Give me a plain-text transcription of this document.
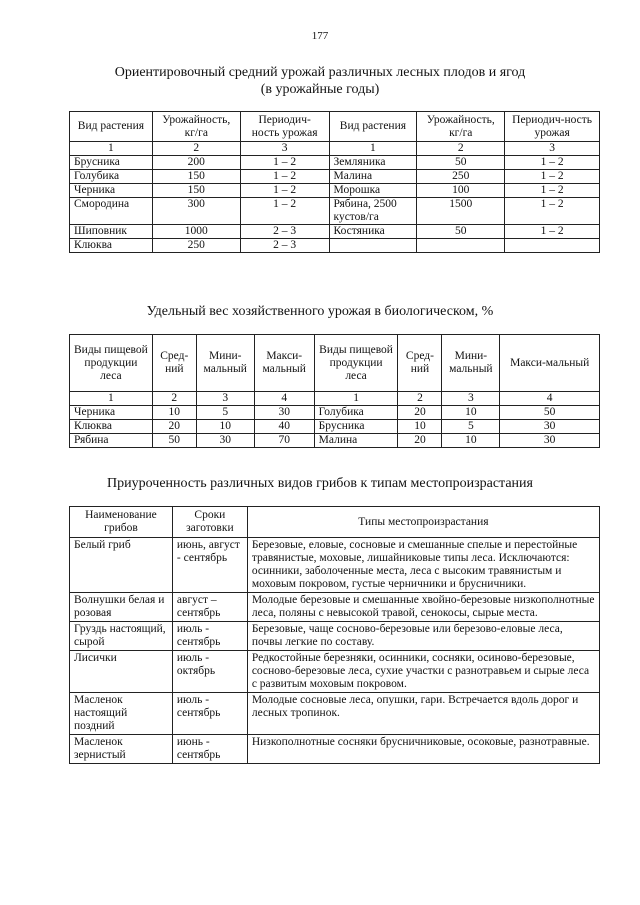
177
Ориентировочный средний урожай различных лесных плодов и ягод
(в урожайные годы)
Вид растения	Урожайность, кг/га	Периодич-ность урожая	Вид растения	Урожайность, кг/га	Периодич-ность урожая
1	2	3	1	2	3
Брусника	200	1 – 2	Земляника	50	1 – 2
Голубика	150	1 – 2	Малина	250	1 – 2
Черника	150	1 – 2	Морошка	100	1 – 2
Смородина	300	1 – 2	Рябина, 2500 кустов/га	1500	1 – 2
Шиповник	1000	2 – 3	Костяника	50	1 – 2
Клюква	250	2 – 3			
Удельный вес хозяйственного урожая в биологическом, %
Виды пищевой продукции леса	Сред-ний	Мини-мальный	Макси-мальный	Виды пищевой продукции леса	Сред-ний	Мини-мальный	Макси-мальный
1	2	3	4	1	2	3	4
Черника	10	5	30	Голубика	20	10	50
Клюква	20	10	40	Брусника	10	5	30
Рябина	50	30	70	Малина	20	10	30
Приуроченность различных видов грибов к типам местопроизрастания
Наименование грибов	Сроки заготовки	Типы местопроизрастания
Белый гриб	июнь, август - сентябрь	Березовые, еловые, сосновые и смешанные спелые и перестойные травянистые, моховые, лишайниковые типы леса. Исключаются: осинники, заболоченные места, леса с высоким травянистым и моховым покровом, густые черничники и брусничники.
Волнушки белая и розовая	август – сентябрь	Молодые березовые и смешанные хвойно-березовые низкополнотные леса, поляны с невысокой травой, сенокосы, сырые места.
Груздь настоящий, сырой	июль - сентябрь	Березовые, чаще сосново-березовые или березово-еловые леса, почвы легкие по составу.
Лисички	июль - октябрь	Редкостойные березняки, осинники, сосняки, осиново-березовые, сосново-березовые леса, сухие участки с разнотравьем и сырые леса с развитым моховым покровом.
Масленок настоящий поздний	июль - сентябрь	Молодые сосновые леса, опушки, гари. Встречается вдоль дорог и лесных тропинок.
Масленок зернистый	июнь - сентябрь	Низкополнотные сосняки брусничниковые, осоковые, разнотравные.
